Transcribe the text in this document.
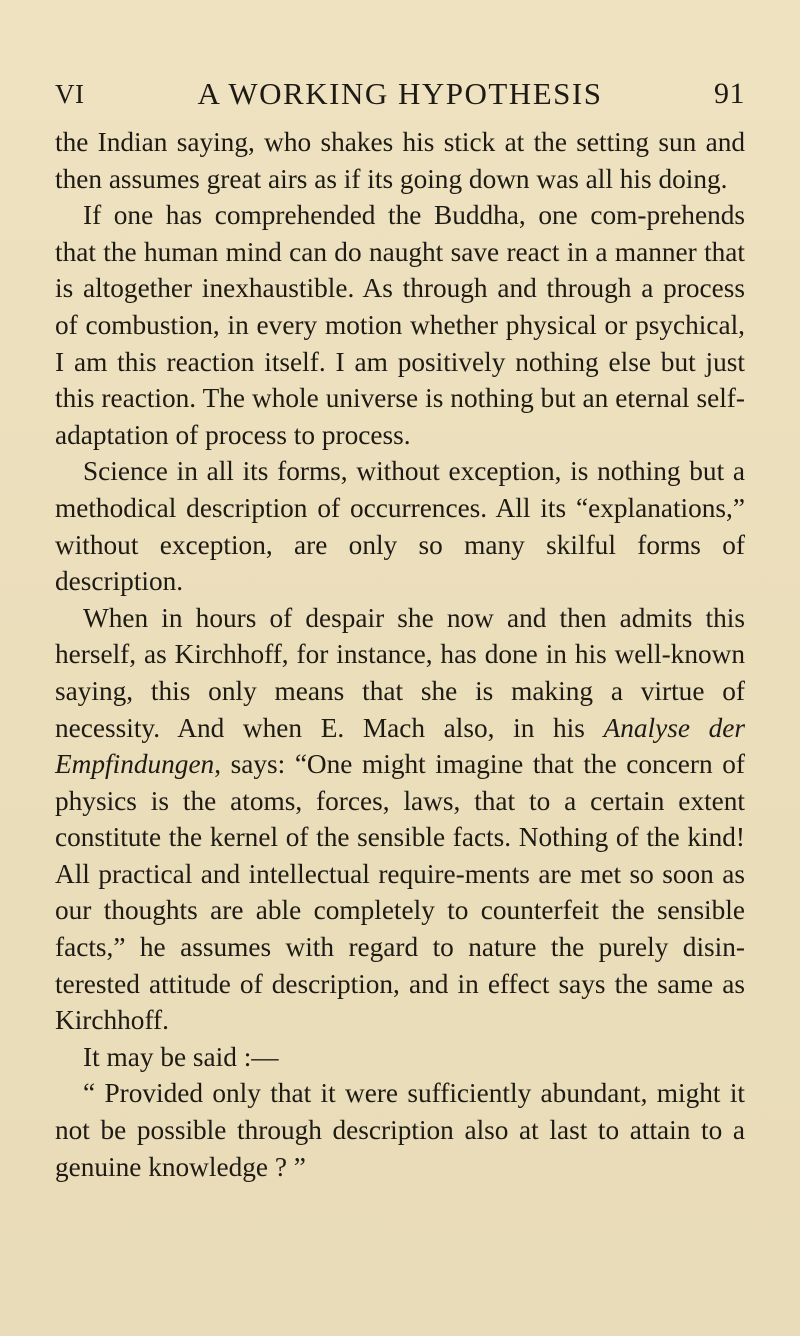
VI	A WORKING HYPOTHESIS	91

the Indian saying, who shakes his stick at the setting sun and then assumes great airs as if its going down was all his doing.

If one has comprehended the Buddha, one com-prehends that the human mind can do naught save react in a manner that is altogether inexhaustible. As through and through a process of combustion, in every motion whether physical or psychical, I am this reaction itself. I am positively nothing else but just this reaction. The whole universe is nothing but an eternal self-adaptation of process to process.

Science in all its forms, without exception, is nothing but a methodical description of occurrences. All its “explanations,” without exception, are only so many skilful forms of description.

When in hours of despair she now and then admits this herself, as Kirchhoff, for instance, has done in his well-known saying, this only means that she is making a virtue of necessity. And when E. Mach also, in his Analyse der Empfindungen, says: “One might imagine that the concern of physics is the atoms, forces, laws, that to a certain extent constitute the kernel of the sensible facts. Nothing of the kind! All practical and intellectual require-ments are met so soon as our thoughts are able completely to counterfeit the sensible facts,” he assumes with regard to nature the purely disin-terested attitude of description, and in effect says the same as Kirchhoff.

It may be said :—

“ Provided only that it were sufficiently abundant, might it not be possible through description also at last to attain to a genuine knowledge ? ”
